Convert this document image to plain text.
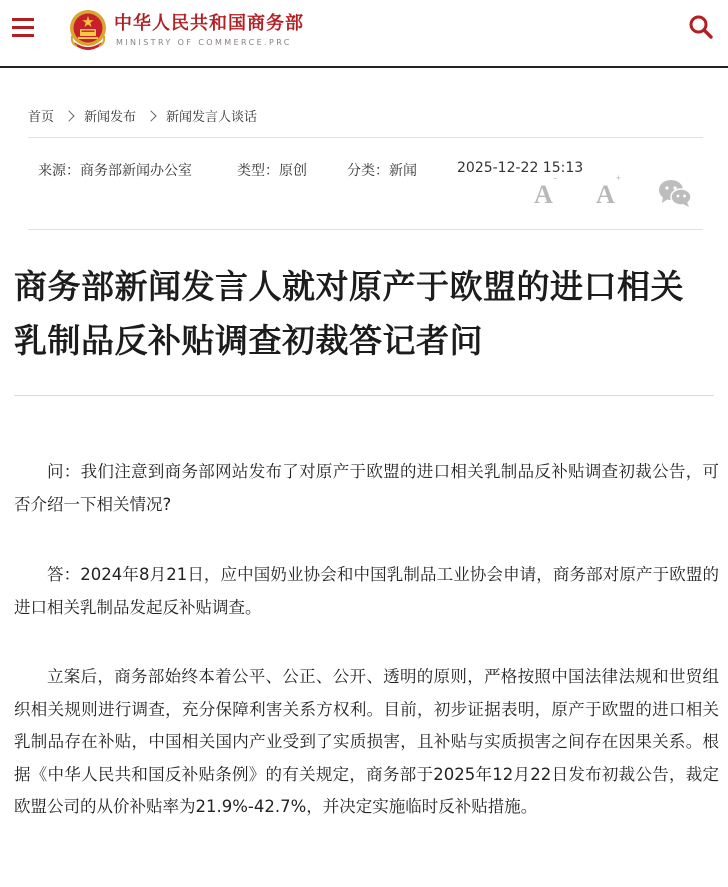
中华人民共和国商务部
MINISTRY OF COMMERCE.PRC
首页 新闻发布 新闻发言人谈话
来源：商务部新闻办公室	类型：原创	分类：新闻	2025-12-22 15:13
A-
A+
商务部新闻发言人就对原产于欧盟的进口相关乳制品反补贴调查初裁答记者问

问：我们注意到商务部网站发布了对原产于欧盟的进口相关乳制品反补贴调查初裁公告，可否介绍一下相关情况?

答：2024年8月21日，应中国奶业协会和中国乳制品工业协会申请，商务部对原产于欧盟的进口相关乳制品发起反补贴调查。

立案后，商务部始终本着公平、公正、公开、透明的原则，严格按照中国法律法规和世贸组织相关规则进行调查，充分保障利害关系方权利。目前，初步证据表明，原产于欧盟的进口相关乳制品存在补贴，中国相关国内产业受到了实质损害，且补贴与实质损害之间存在因果关系。根据《中华人民共和国反补贴条例》的有关规定，商务部于2025年12月22日发布初裁公告，裁定欧盟公司的从价补贴率为21.9%-42.7%，并决定实施临时反补贴措施。
